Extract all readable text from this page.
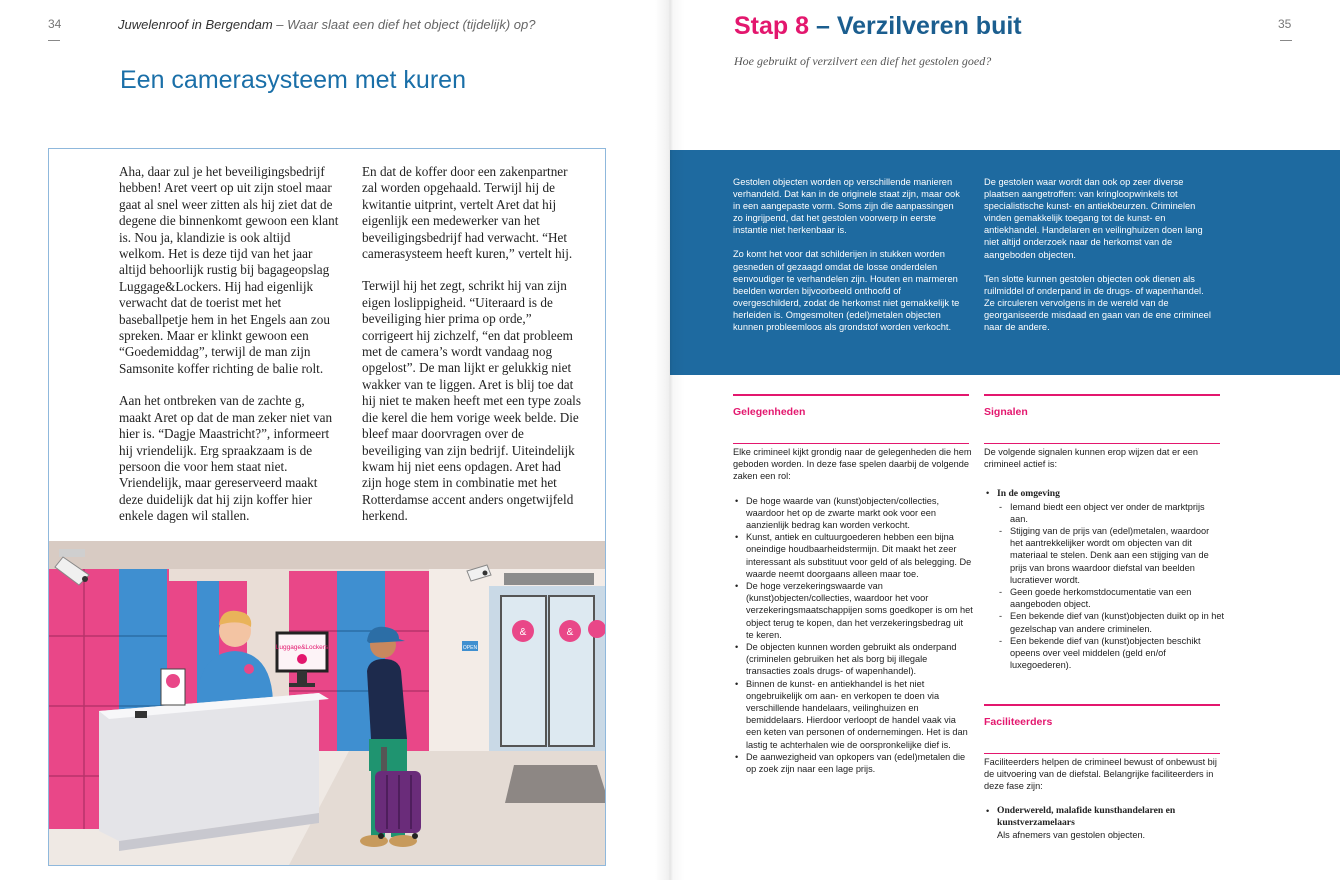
34	Juwelenroof in Bergendam – Waar slaat een dief het object (tijdelijk) op?
Een camerasysteem met kuren

Aha, daar zul je het beveiligingsbedrijf hebben! Aret veert op uit zijn stoel maar gaat al snel weer zitten als hij ziet dat de degene die binnenkomt gewoon een klant is. Nou ja, klandizie is ook altijd welkom. Het is deze tijd van het jaar altijd behoorlijk rustig bij bagageopslag Luggage&Lockers. Hij had eigenlijk verwacht dat de toerist met het baseballpetje hem in het Engels aan zou spreken. Maar er klinkt gewoon een “Goedemiddag”, terwijl de man zijn Samsonite koffer richting de balie rolt.

Aan het ontbreken van de zachte g, maakt Aret op dat de man zeker niet van hier is. “Dagje Maastricht?”, informeert hij vriendelijk. Erg spraakzaam is de persoon die voor hem staat niet. Vriendelijk, maar gereserveerd maakt deze duidelijk dat hij zijn koffer hier enkele dagen wil stallen.

En dat de koffer door een zakenpartner zal worden opgehaald. Terwijl hij de kwitantie uitprint, vertelt Aret dat hij eigenlijk een medewerker van het beveiligingsbedrijf had verwacht. “Het camerasysteem heeft kuren,” vertelt hij.

Terwijl hij het zegt, schrikt hij van zijn eigen loslippigheid. “Uiteraard is de beveiliging hier prima op orde,” corrigeert hij zichzelf, “en dat probleem met de camera’s wordt vandaag nog opgelost”. De man lijkt er gelukkig niet wakker van te liggen. Aret is blij toe dat hij niet te maken heeft met een type zoals die kerel die hem vorige week belde. Die bleef maar doorvragen over de beveiliging van zijn bedrijf. Uiteindelijk kwam hij niet eens opdagen. Aret had zijn hoge stem in combinatie met het Rotterdamse accent anders ongetwijfeld herkend.

&	&
OPEN
Luggage&Lockers
35
Stap 8 – Verzilveren buit
Hoe gebruikt of verzilvert een dief het gestolen goed?

Gestolen objecten worden op verschillende manieren verhandeld. Dat kan in de originele staat zijn, maar ook in een aangepaste vorm. Soms zijn die aanpassingen zo ingrijpend, dat het gestolen voorwerp in eerste instantie niet herkenbaar is.

Zo komt het voor dat schilderijen in stukken worden gesneden of gezaagd omdat de losse onderdelen eenvoudiger te verhandelen zijn. Houten en marmeren beelden worden bijvoorbeeld onthoofd of overgeschilderd, zodat de herkomst niet gemakkelijk te herleiden is. Omgesmolten (edel)metalen objecten kunnen probleemloos als grondstof worden verkocht.

De gestolen waar wordt dan ook op zeer diverse plaatsen aangetroffen: van kringloopwinkels tot specialistische kunst- en antiekbeurzen. Criminelen vinden gemakkelijk toegang tot de kunst- en antiekhandel. Handelaren en veilinghuizen doen lang niet altijd onderzoek naar de herkomst van de aangeboden objecten.

Ten slotte kunnen gestolen objecten ook dienen als ruilmiddel of onderpand in de drugs- of wapenhandel. Ze circuleren vervolgens in de wereld van de georganiseerde misdaad en gaan van de ene crimineel naar de andere.

Gelegenheden
Elke crimineel kijkt grondig naar de gelegenheden die hem geboden worden. In deze fase spelen daarbij de volgende zaken een rol:
• De hoge waarde van (kunst)objecten/collecties, waardoor het op de zwarte markt ook voor een aanzienlijk bedrag kan worden verkocht.
• Kunst, antiek en cultuurgoederen hebben een bijna oneindige houdbaarheidstermijn. Dit maakt het zeer interessant als substituut voor geld of als belegging. De waarde neemt doorgaans alleen maar toe.
• De hoge verzekeringswaarde van (kunst)objecten/collecties, waardoor het voor verzekeringsmaatschappijen soms goedkoper is om het object terug te kopen, dan het verzekeringsbedrag uit te keren.
• De objecten kunnen worden gebruikt als onderpand (criminelen gebruiken het als borg bij illegale transacties zoals drugs- of wapenhandel).
• Binnen de kunst- en antiekhandel is het niet ongebruikelijk om aan- en verkopen te doen via verschillende handelaars, veilinghuizen en bemiddelaars. Hierdoor verloopt de handel vaak via een keten van personen of ondernemingen. Het is dan lastig te achterhalen wie de oorspronkelijke dief is.
• De aanwezigheid van opkopers van (edel)metalen die op zoek zijn naar een lage prijs.
Signalen
De volgende signalen kunnen erop wijzen dat er een crimineel actief is:
• In de omgeving
- Iemand biedt een object ver onder de marktprijs aan.
- Stijging van de prijs van (edel)metalen, waardoor het aantrekkelijker wordt om objecten van dit materiaal te stelen. Denk aan een stijging van de prijs van brons waardoor diefstal van beelden lucratiever wordt.
- Geen goede herkomstdocumentatie van een aangeboden object.
- Een bekende dief van (kunst)objecten duikt op in het gezelschap van andere criminelen.
- Een bekende dief van (kunst)objecten beschikt opeens over veel middelen (geld en/of luxegoederen).
Faciliteerders
Faciliteerders helpen de crimineel bewust of onbewust bij de uitvoering van de diefstal. Belangrijke faciliteerders in deze fase zijn:
• Onderwereld, malafide kunsthandelaren en kunstverzamelaars
Als afnemers van gestolen objecten.
